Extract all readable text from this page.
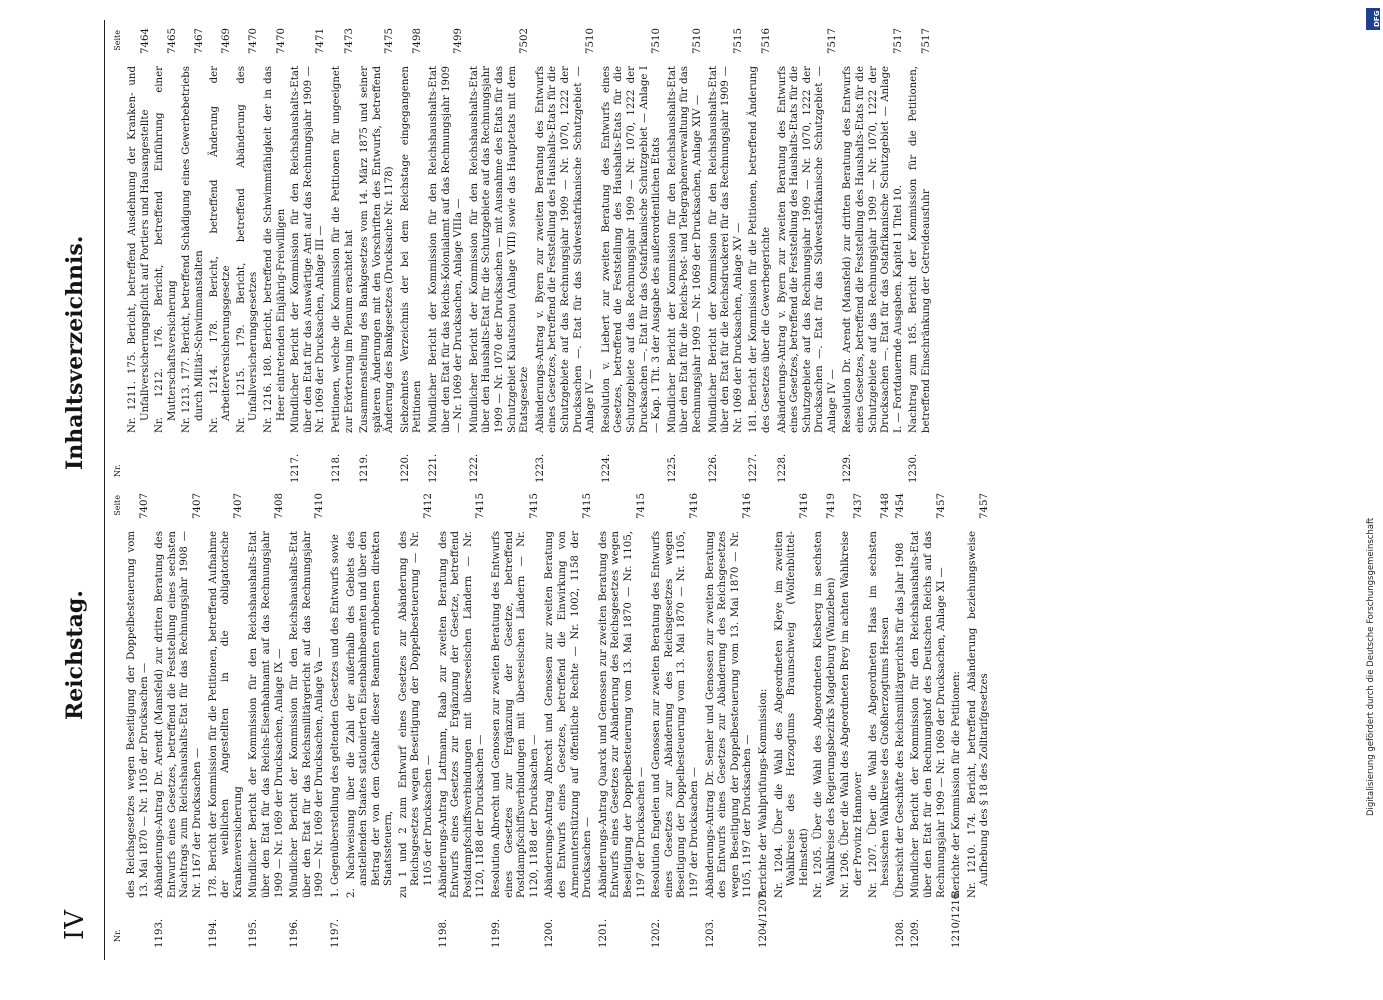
IV
Reichstag.
Inhaltsverzeichnis.
Nr.
Seite
des Reichsgesetzes wegen Beseitigung der Doppelbesteuerung vom 13. Mai 1870 — Nr. 1105 der Drucksachen —
7407
1193.
Abänderungs-Antrag Dr. Arendt (Mansfeld) zur dritten Beratung des Entwurfs eines Gesetzes, betreffend die Feststellung eines sechsten Nachtrags zum Reichshaushalts-Etat für das Rechnungsjahr 1908 — Nr. 1167 der Drucksachen —
7407
1194.
178. Bericht der Kommission für die Petitionen, betreffend Aufnahme der weiblichen Angestellten in die obligatorische Krankenversicherung
7407
1195.
Mündlicher Bericht der Kommission für den Reichshaushalts-Etat über den Etat für das Reichs-Eisenbahnamt auf das Rechnungsjahr 1909 — Nr. 1069 der Drucksachen, Anlage IX —
7408
1196.
Mündlicher Bericht der Kommission für den Reichshaushalts-Etat über den Etat für das Reichsmilitärgericht auf das Rechnungsjahr 1909 — Nr. 1069 der Drucksachen, Anlage Va —
7410
1197.
1. Gegenüberstellung des geltenden Gesetzes und des Entwurfs sowie 2. Nachweisung über die Zahl der außerhalb des Gebiets des anstellenden Staates stationierten Eisenbahnbeamten und über den Betrag der von dem Gehalte dieser Beamten erhobenen direkten Staatssteuern, zu 1 und 2 zum Entwurf eines Gesetzes zur Abänderung des Reichsgesetzes wegen Beseitigung der Doppelbesteuerung — Nr. 1105 der Drucksachen —
7412
1198.
Abänderungs-Antrag Lattmann, Raab zur zweiten Beratung des Entwurfs eines Gesetzes zur Ergänzung der Gesetze, betreffend Postdampfschiffsverbindungen mit überseeischen Ländern — Nr. 1120, 1188 der Drucksachen —
7415
1199.
Resolution Albrecht und Genossen zur zweiten Beratung des Entwurfs eines Gesetzes zur Ergänzung der Gesetze, betreffend Postdampfschiffsverbindungen mit überseeischen Ländern — Nr. 1120, 1188 der Drucksachen —
7415
1200.
Abänderungs-Antrag Albrecht und Genossen zur zweiten Beratung des Entwurfs eines Gesetzes, betreffend die Einwirkung von Armenunterstützung auf öffentliche Rechte — Nr. 1002, 1158 der Drucksachen —
7415
1201.
Abänderungs-Antrag Quarck und Genossen zur zweiten Beratung des Entwurfs eines Gesetzes zur Abänderung des Reichsgesetzes wegen Beseitigung der Doppelbesteuerung vom 13. Mai 1870 — Nr. 1105, 1197 der Drucksachen —
7415
1202.
Resolution Engelen und Genossen zur zweiten Beratung des Entwurfs eines Gesetzes zur Abänderung des Reichsgesetzes wegen Beseitigung der Doppelbesteuerung vom 13. Mai 1870 — Nr. 1105, 1197 der Drucksachen —
7416
1203.
Abänderungs-Antrag Dr. Semler und Genossen zur zweiten Beratung des Entwurfs eines Gesetzes zur Abänderung des Reichsgesetzes wegen Beseitigung der Doppelbesteuerung vom 13. Mai 1870 — Nr. 1105, 1197 der Drucksachen —
7416
1204/1207.
Berichte der Wahlprüfungs-Kommission: Nr. 1204. Über die Wahl des Abgeordneten Kleye im zweiten Wahlkreise des Herzogtums Braunschweig (Wolfenbüttel-Helmstedt)
7416
Nr. 1205. Über die Wahl des Abgeordneten Kiesberg im sechsten Wahlkreise des Regierungsbezirks Magdeburg (Wanzleben)
7419
Nr. 1206. Über die Wahl des Abgeordneten Brey im achten Wahlkreise der Provinz Hannover
7437
Nr. 1207. Über die Wahl des Abgeordneten Haas im sechsten hessischen Wahlkreise des Großherzogtums Hessen
7448
1208.
Übersicht der Geschäfte des Reichsmilitärgerichts für das Jahr 1908
7454
1209.
Mündlicher Bericht der Kommission für den Reichshaushalts-Etat über den Etat für den Rechnungshof des Deutschen Reichs auf das Rechnungsjahr 1909 — Nr. 1069 der Drucksachen, Anlage XI —
7457
1210/1216.
Berichte der Kommission für die Petitionen: Nr. 1210. 174. Bericht, betreffend Abänderung beziehungsweise Aufhebung des § 18 des Zolltarifgesetzes
7457
Nr.
Seite
Nr. 1211. 175. Bericht, betreffend Ausdehnung der Kranken- und Unfallversicherungspflicht auf Portiers und Hausangestellte
7464
Nr. 1212. 176. Bericht, betreffend Einführung einer Mutterschaftsversicherung
7465
Nr. 1213. 177. Bericht, betreffend Schädigung eines Gewerbebetriebs durch Militär-Schwimmanstalten
7467
Nr. 1214. 178. Bericht, betreffend Änderung der Arbeiterversicherungsgesetze
7469
Nr. 1215. 179. Bericht, betreffend Abänderung des Unfallversicherungsgesetzes
7470
Nr. 1216. 180. Bericht, betreffend die Schwimmfähigkeit der in das Heer eintretenden Einjährig-Freiwilligen
7470
1217.
Mündlicher Bericht der Kommission für den Reichshaushalts-Etat über den Etat für das Auswärtige Amt auf das Rechnungsjahr 1909 — Nr. 1069 der Drucksachen, Anlage III —
7471
1218.
Petitionen, welche die Kommission für die Petitionen für ungeeignet zur Erörterung im Plenum erachtet hat
7473
1219.
Zusammenstellung des Bankgesetzes vom 14. März 1875 und seiner späteren Änderungen mit den Vorschriften des Entwurfs, betreffend Änderung des Bankgesetzes (Drucksache Nr. 1178)
7475
1220.
Siebzehntes Verzeichnis der bei dem Reichstage eingegangenen Petitionen
7498
1221.
Mündlicher Bericht der Kommission für den Reichshaushalts-Etat über den Etat für das Reichs-Kolonialamt auf das Rechnungsjahr 1909 — Nr. 1069 der Drucksachen, Anlage VIIIa —
7499
1222.
Mündlicher Bericht der Kommission für den Reichshaushalts-Etat über den Haushalts-Etat für die Schutzgebiete auf das Rechnungsjahr 1909 — Nr. 1070 der Drucksachen — mit Ausnahme des Etats für das Schutzgebiet Kiautschou (Anlage VIII) sowie das Hauptetats mit dem Etatsgesetze
7502
1223.
Abänderungs-Antrag v. Byern zur zweiten Beratung des Entwurfs eines Gesetzes, betreffend die Feststellung des Haushalts-Etats für die Schutzgebiete auf das Rechnungsjahr 1909 — Nr. 1070, 1222 der Drucksachen —. Etat für das Südwestafrikanische Schutzgebiet — Anlage IV —
7510
1224.
Resolution v. Liebert zur zweiten Beratung des Entwurfs eines Gesetzes, betreffend die Feststellung des Haushalts-Etats für die Schutzgebiete auf das Rechnungsjahr 1909 — Nr. 1070, 1222 der Drucksachen —. Etat für das Ostafrikanische Schutzgebiet — Anlage I — Kap. 1 Tit. 3 der Ausgabe des außerordentlichen Etats
7510
1225.
Mündlicher Bericht der Kommission für den Reichshaushalts-Etat über den Etat für die Reichs-Post- und Telegraphenverwaltung für das Rechnungsjahr 1909 — Nr. 1069 der Drucksachen, Anlage XIV —
7510
1226.
Mündlicher Bericht der Kommission für den Reichshaushalts-Etat über den Etat für die Reichsdruckerei für das Rechnungsjahr 1909 — Nr. 1069 der Drucksachen, Anlage XV —
7515
1227.
181. Bericht der Kommission für die Petitionen, betreffend Änderung des Gesetzes über die Gewerbegerichte
7516
1228.
Abänderungs-Antrag v. Byern zur zweiten Beratung des Entwurfs eines Gesetzes, betreffend die Feststellung des Haushalts-Etats für die Schutzgebiete auf das Rechnungsjahr 1909 — Nr. 1070, 1222 der Drucksachen —. Etat für das Südwestafrikanische Schutzgebiet — Anlage IV —
7517
1229.
Resolution Dr. Arendt (Mansfeld) zur dritten Beratung des Entwurfs eines Gesetzes, betreffend die Feststellung des Haushalts-Etats für die Schutzgebiete auf das Rechnungsjahr 1909 — Nr. 1070, 1222 der Drucksachen —. Etat für das Ostafrikanische Schutzgebiet — Anlage I. — Fortdauernde Ausgaben. Kapitel 1 Titel 10.
7517
1230.
Nachtrag zum 185. Bericht der Kommission für die Petitionen, betreffend Einschränkung der Getreideausfuhr
7517
DFG
Digitalisierung gefördert durch die Deutsche Forschungsgemeinschaft
